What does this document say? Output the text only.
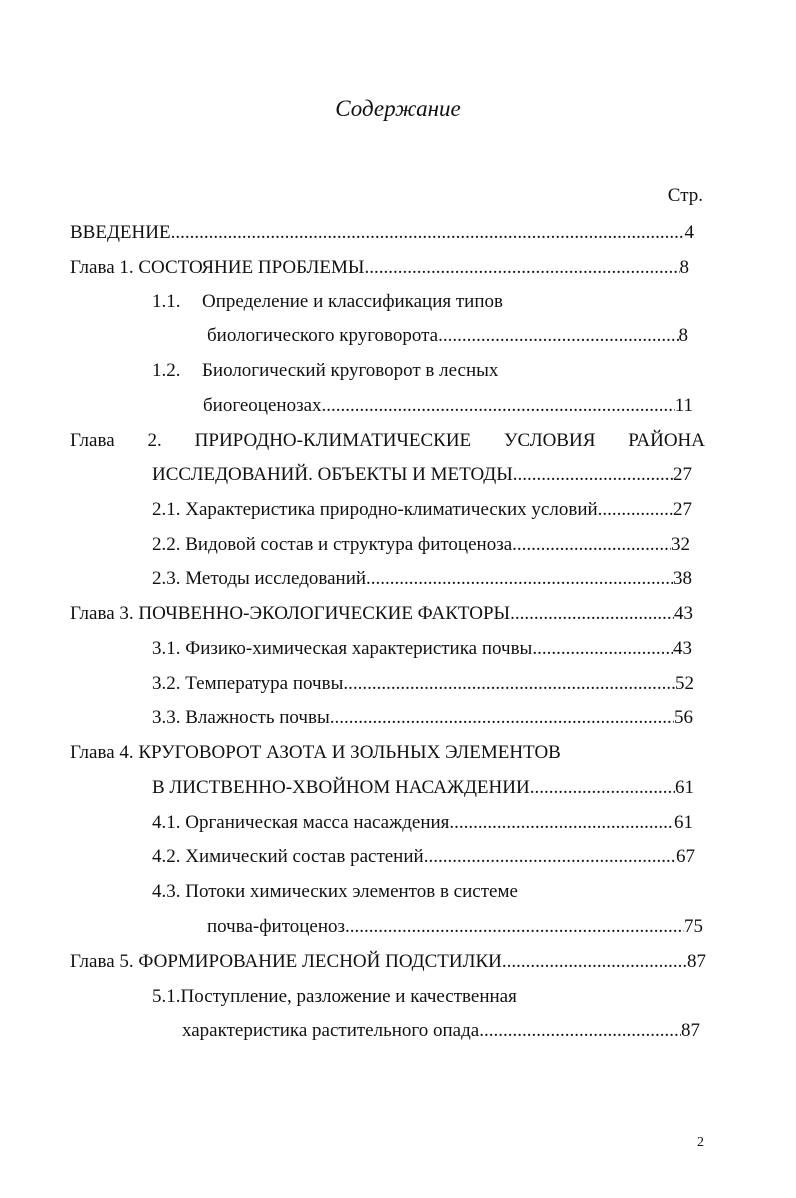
Содержание
Стр.
ВВЕДЕНИЕ .....	4
Глава 1. СОСТОЯНИЕ ПРОБЛЕМЫ .....	8
1.1.	Определение и классификация типов
биологического круговорота .....	8
1.2.	Биологический круговорот в лесных
биогеоценозах .....	11
Глава 2. ПРИРОДНО-КЛИМАТИЧЕСКИЕ УСЛОВИЯ РАЙОНА
ИССЛЕДОВАНИЙ. ОБЪЕКТЫ И МЕТОДЫ .....	27
2.1. Характеристика природно-климатических условий .....	27
2.2. Видовой состав и структура фитоценоза .....	32
2.3. Методы исследований .....	38
Глава 3. ПОЧВЕННО-ЭКОЛОГИЧЕСКИЕ ФАКТОРЫ .....	43
3.1. Физико-химическая характеристика почвы .....	43
3.2. Температура почвы .....	52
3.3. Влажность почвы .....	56
Глава 4. КРУГОВОРОТ АЗОТА И ЗОЛЬНЫХ ЭЛЕМЕНТОВ
В ЛИСТВЕННО-ХВОЙНОМ НАСАЖДЕНИИ .....	61
4.1. Органическая масса насаждения .....	61
4.2. Химический состав растений .....	67
4.3. Потоки химических элементов в системе
почва-фитоценоз .....	75
Глава 5. ФОРМИРОВАНИЕ ЛЕСНОЙ ПОДСТИЛКИ .....	87
5.1.Поступление, разложение и качественная
характеристика растительного опада .....	87
2
